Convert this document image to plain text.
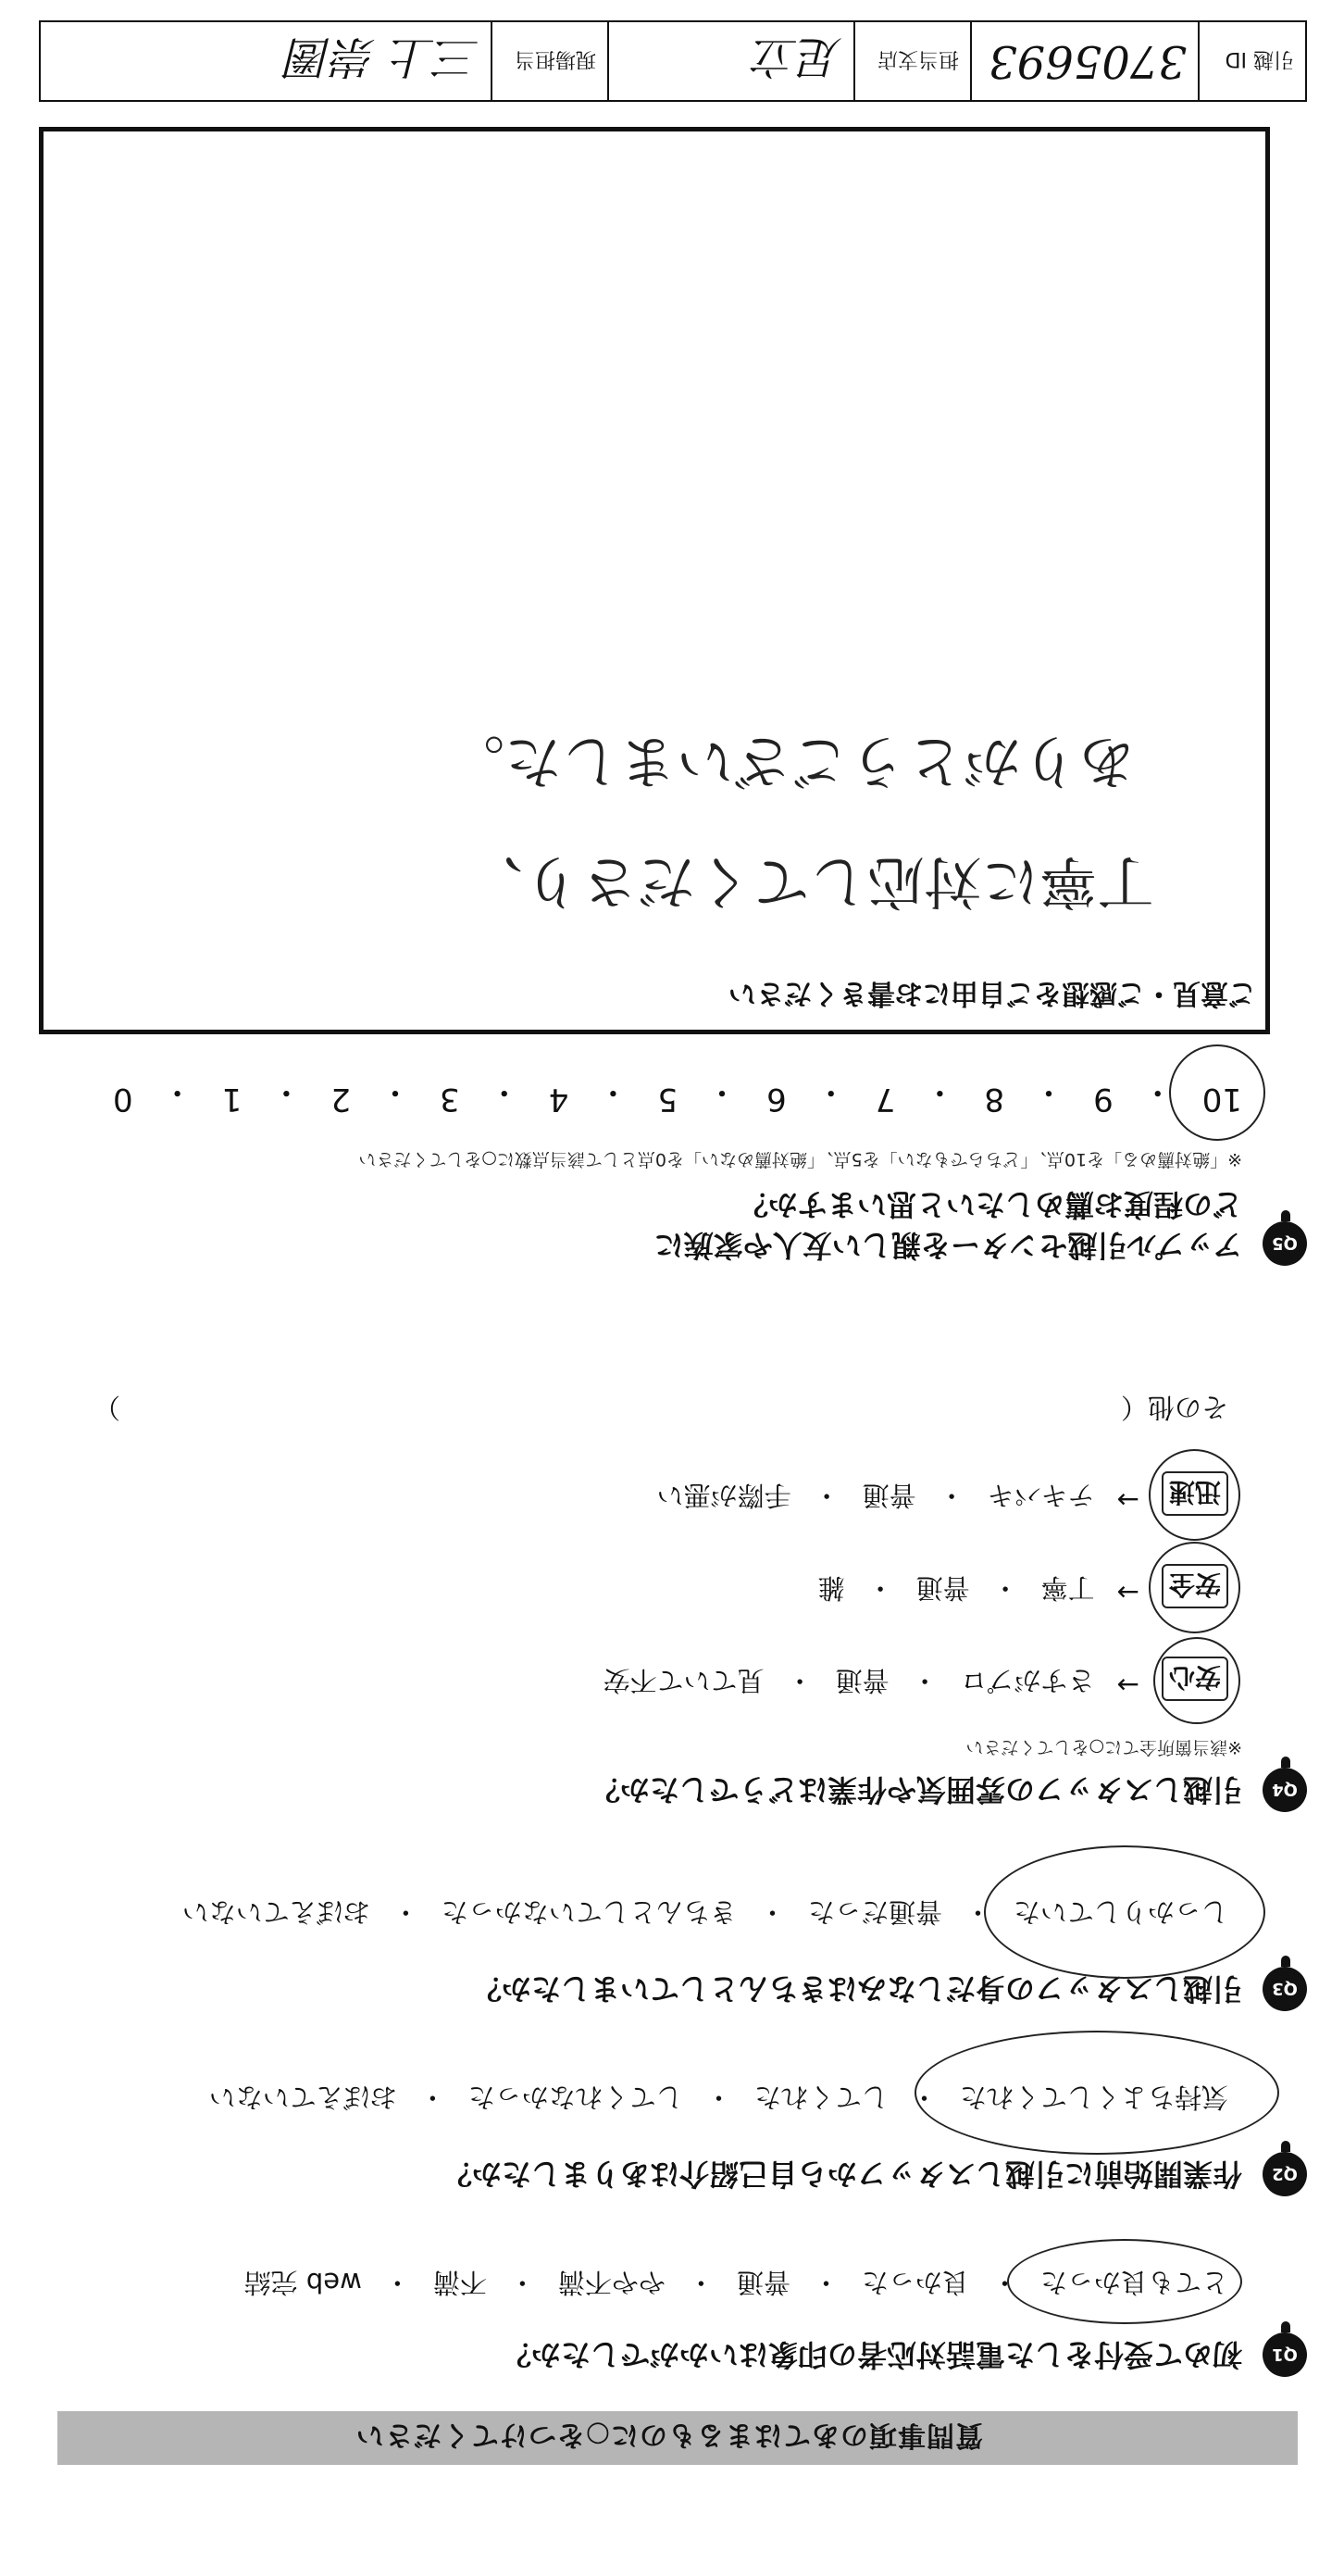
質問事項のあてはまるものに○をつけてください
Q1
初めて受付をした電話対応者の印象はいかがでしたか？
とても良かった
・
良かった
・
普通
・
やや不満
・
不満
・
web 完結
Q2
作業開始前に引越しスタッフから自己紹介はありましたか？
気持ちよくしてくれた
・
してくれた
・
してくれなかった
・
おぼえていない
Q3
引越しスタッフの身だしなみはきちんとしていましたか？
しっかりしていた
・
普通だった
・
きちんとしていなかった
・
おぼえていない
Q4
引越しスタッフの雰囲気や作業はどうでしたか？
※該当箇所全てに○をしてください
安心
→
さすがプロ
・
普通
・
見ていて不安
安全
→
丁寧
・
普通
・
雑
迅速
→
テキパキ
・
普通
・
手際が悪い
その他（
）
Q5
アップル引越センターを親しい友人や家族に
どの程度お薦めしたいと思いますか？
※「絶対薦める」を10点、「どちらでもない」を5点、「絶対薦めない」を0点として該当点数に○をしてください
10
・
9
・
8
・
7
・
6
・
5
・
4
・
3
・
2
・
1
・
0
ご意見・ご感想をご自由にお書きください
丁寧に対応してくださり、
ありがとうございました。
引越 ID
3705693
担当支店
足立
現場担当
三上 崇圏
